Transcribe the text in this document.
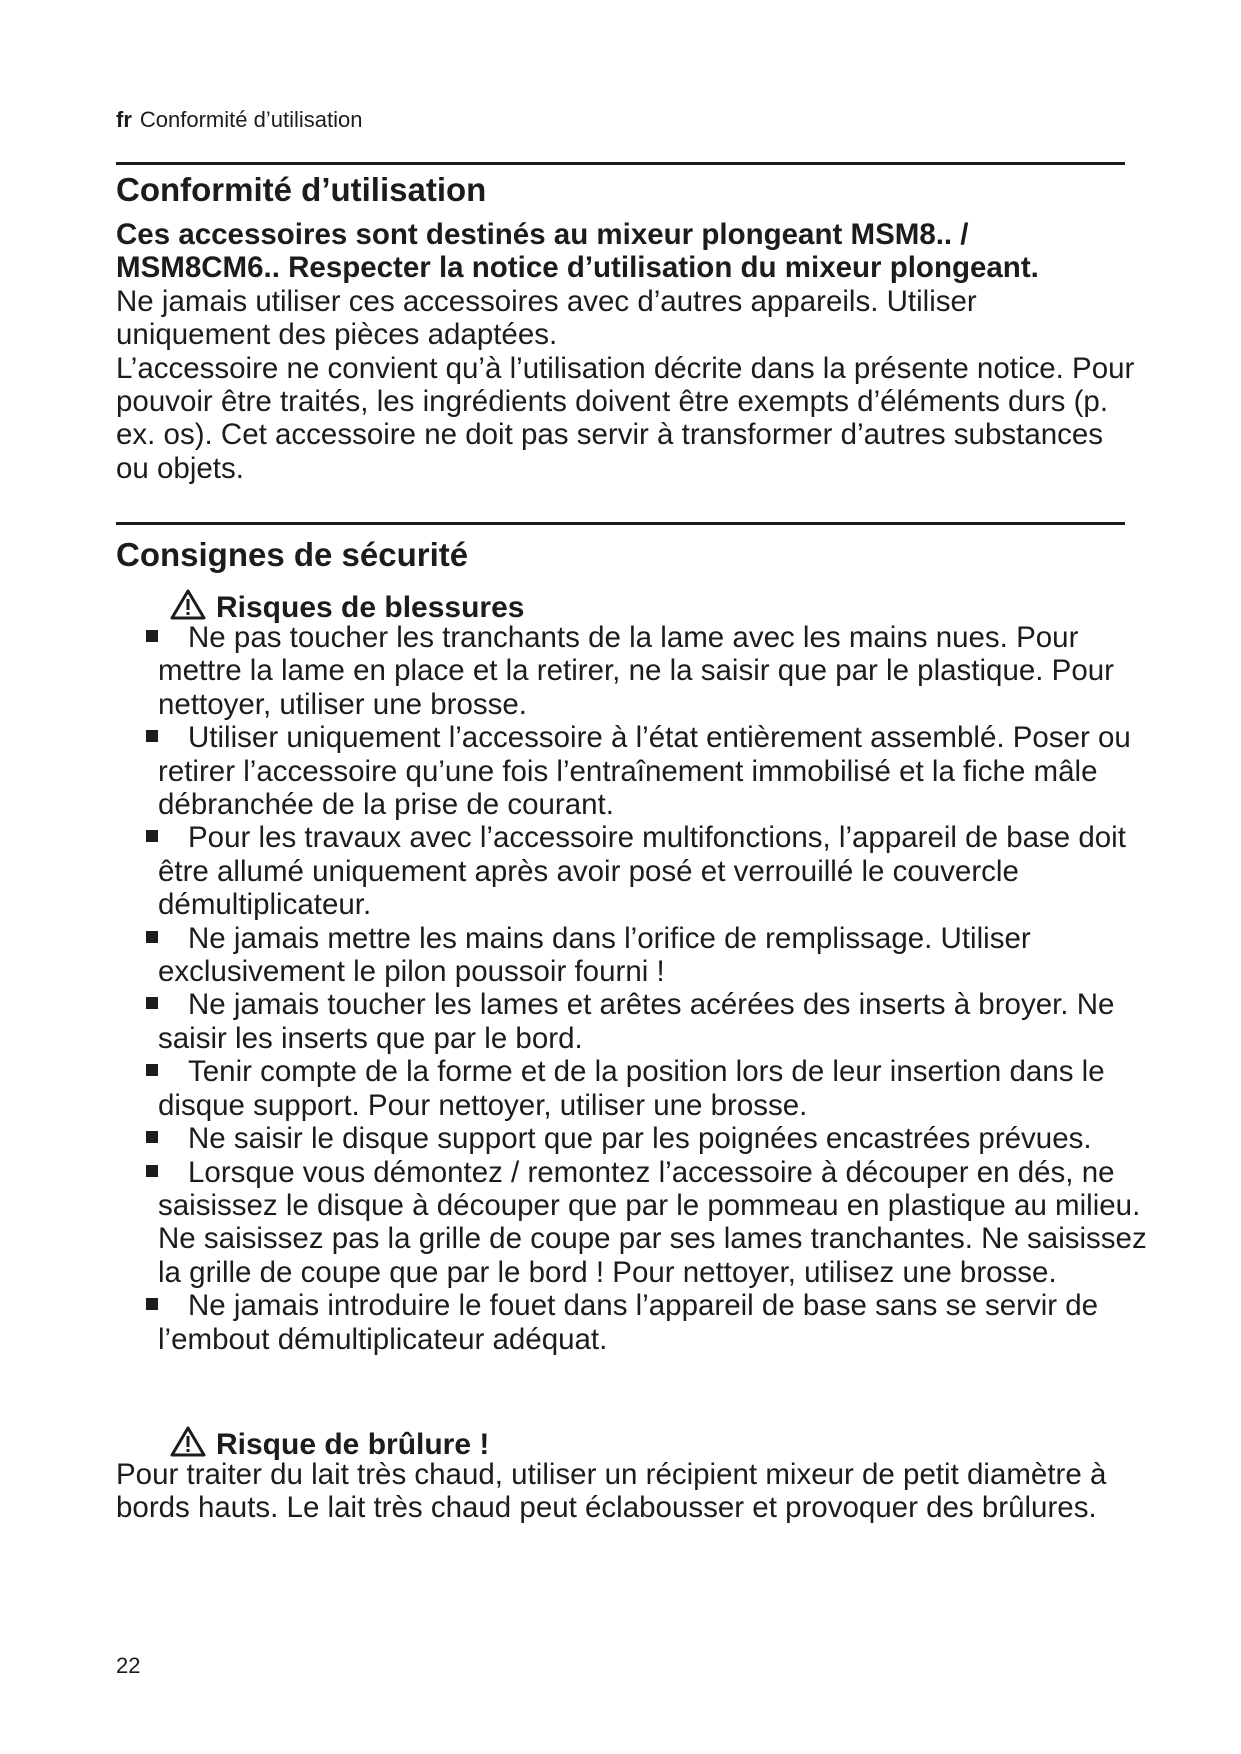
fr Conformité d’utilisation
Conformité d’utilisation

Ces accessoires sont destinés au mixeur plongeant MSM8.. / MSM8CM6.. Respecter la notice d’utilisation du mixeur plongeant.

Ne jamais utiliser ces accessoires avec d’autres appareils. Utiliser uniquement des pièces adaptées.

L’accessoire ne convient qu’à l’utilisation décrite dans la présente notice. Pour pouvoir être traités, les ingrédients doivent être exempts d’éléments durs (p. ex. os). Cet accessoire ne doit pas servir à transformer d’autres substances ou objets.

Consignes de sécurité
Risques de blessures
Ne pas toucher les tranchants de la lame avec les mains nues. Pour mettre la lame en place et la retirer, ne la saisir que par le plastique. Pour nettoyer, utiliser une brosse.
Utiliser uniquement l’accessoire à l’état entièrement assemblé. Poser ou retirer l’accessoire qu’une fois l’entraînement immobilisé et la fiche mâle débranchée de la prise de courant.
Pour les travaux avec l’accessoire multifonctions, l’appareil de base doit être allumé uniquement après avoir posé et verrouillé le couvercle démultiplicateur.
Ne jamais mettre les mains dans l’orifice de remplissage. Utiliser exclusivement le pilon poussoir fourni !
Ne jamais toucher les lames et arêtes acérées des inserts à broyer. Ne saisir les inserts que par le bord.
Tenir compte de la forme et de la position lors de leur insertion dans le disque support. Pour nettoyer, utiliser une brosse.
Ne saisir le disque support que par les poignées encastrées prévues.
Lorsque vous démontez / remontez l’accessoire à découper en dés, ne saisissez le disque à découper que par le pommeau en plastique au milieu. Ne saisissez pas la grille de coupe par ses lames tranchantes. Ne saisissez la grille de coupe que par le bord ! Pour nettoyer, utilisez une brosse.
Ne jamais introduire le fouet dans l’appareil de base sans se servir de l’embout démultiplicateur adéquat.
Risque de brûlure !

Pour traiter du lait très chaud, utiliser un récipient mixeur de petit diamètre à bords hauts. Le lait très chaud peut éclabousser et provoquer des brûlures.

22
